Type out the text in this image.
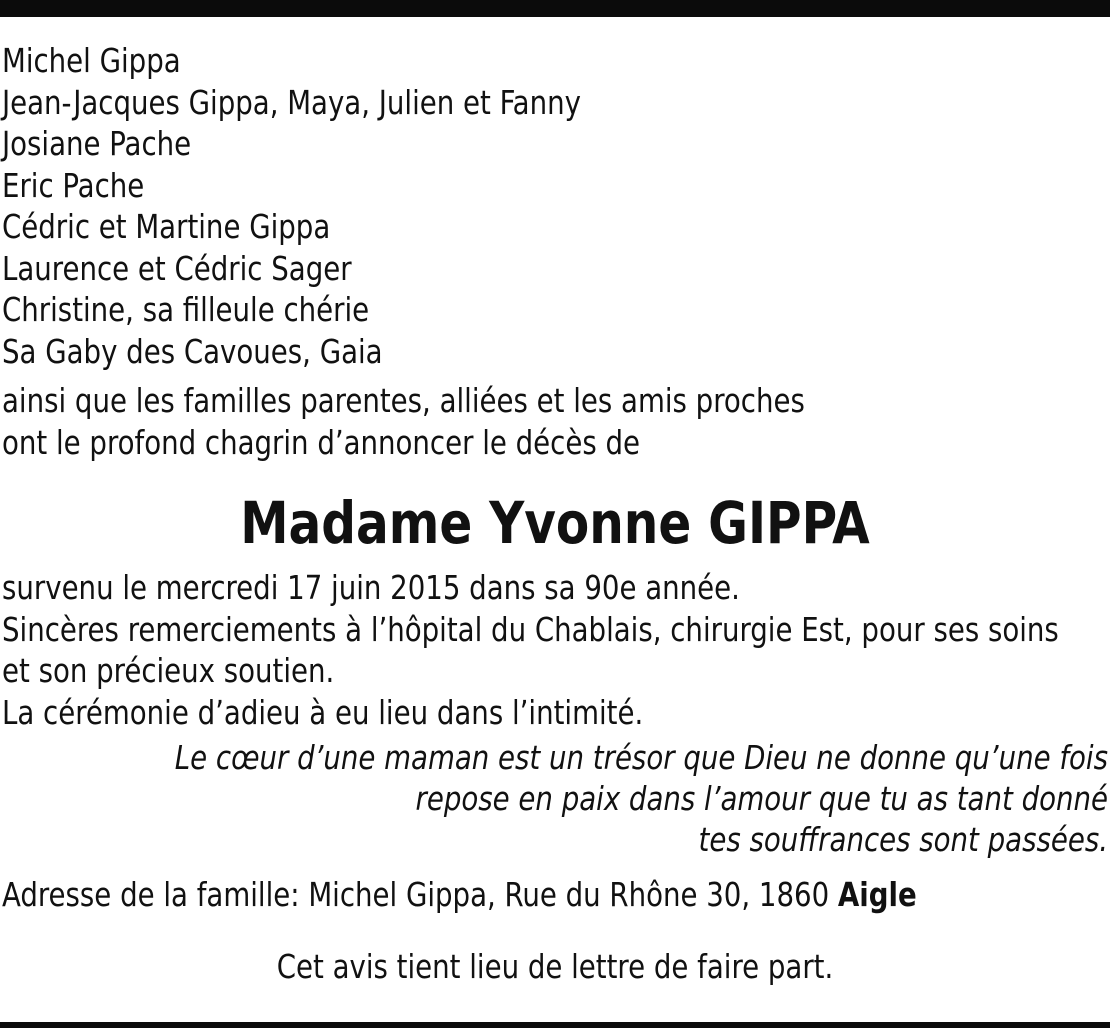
Michel Gippa
Jean-Jacques Gippa, Maya, Julien et Fanny
Josiane Pache
Eric Pache
Cédric et Martine Gippa
Laurence et Cédric Sager
Christine, sa filleule chérie
Sa Gaby des Cavoues, Gaia
ainsi que les familles parentes, alliées et les amis proches
ont le profond chagrin d’annoncer le décès de
Madame Yvonne GIPPA
survenu le mercredi 17 juin 2015 dans sa 90e année.
Sincères remerciements à l’hôpital du Chablais, chirurgie Est, pour ses soins
et son précieux soutien.
La cérémonie d’adieu à eu lieu dans l’intimité.
Le cœur d’une maman est un trésor que Dieu ne donne qu’une fois
repose en paix dans l’amour que tu as tant donné
tes souffrances sont passées.
Adresse de la famille: Michel Gippa, Rue du Rhône 30, 1860 Aigle
Cet avis tient lieu de lettre de faire part.
